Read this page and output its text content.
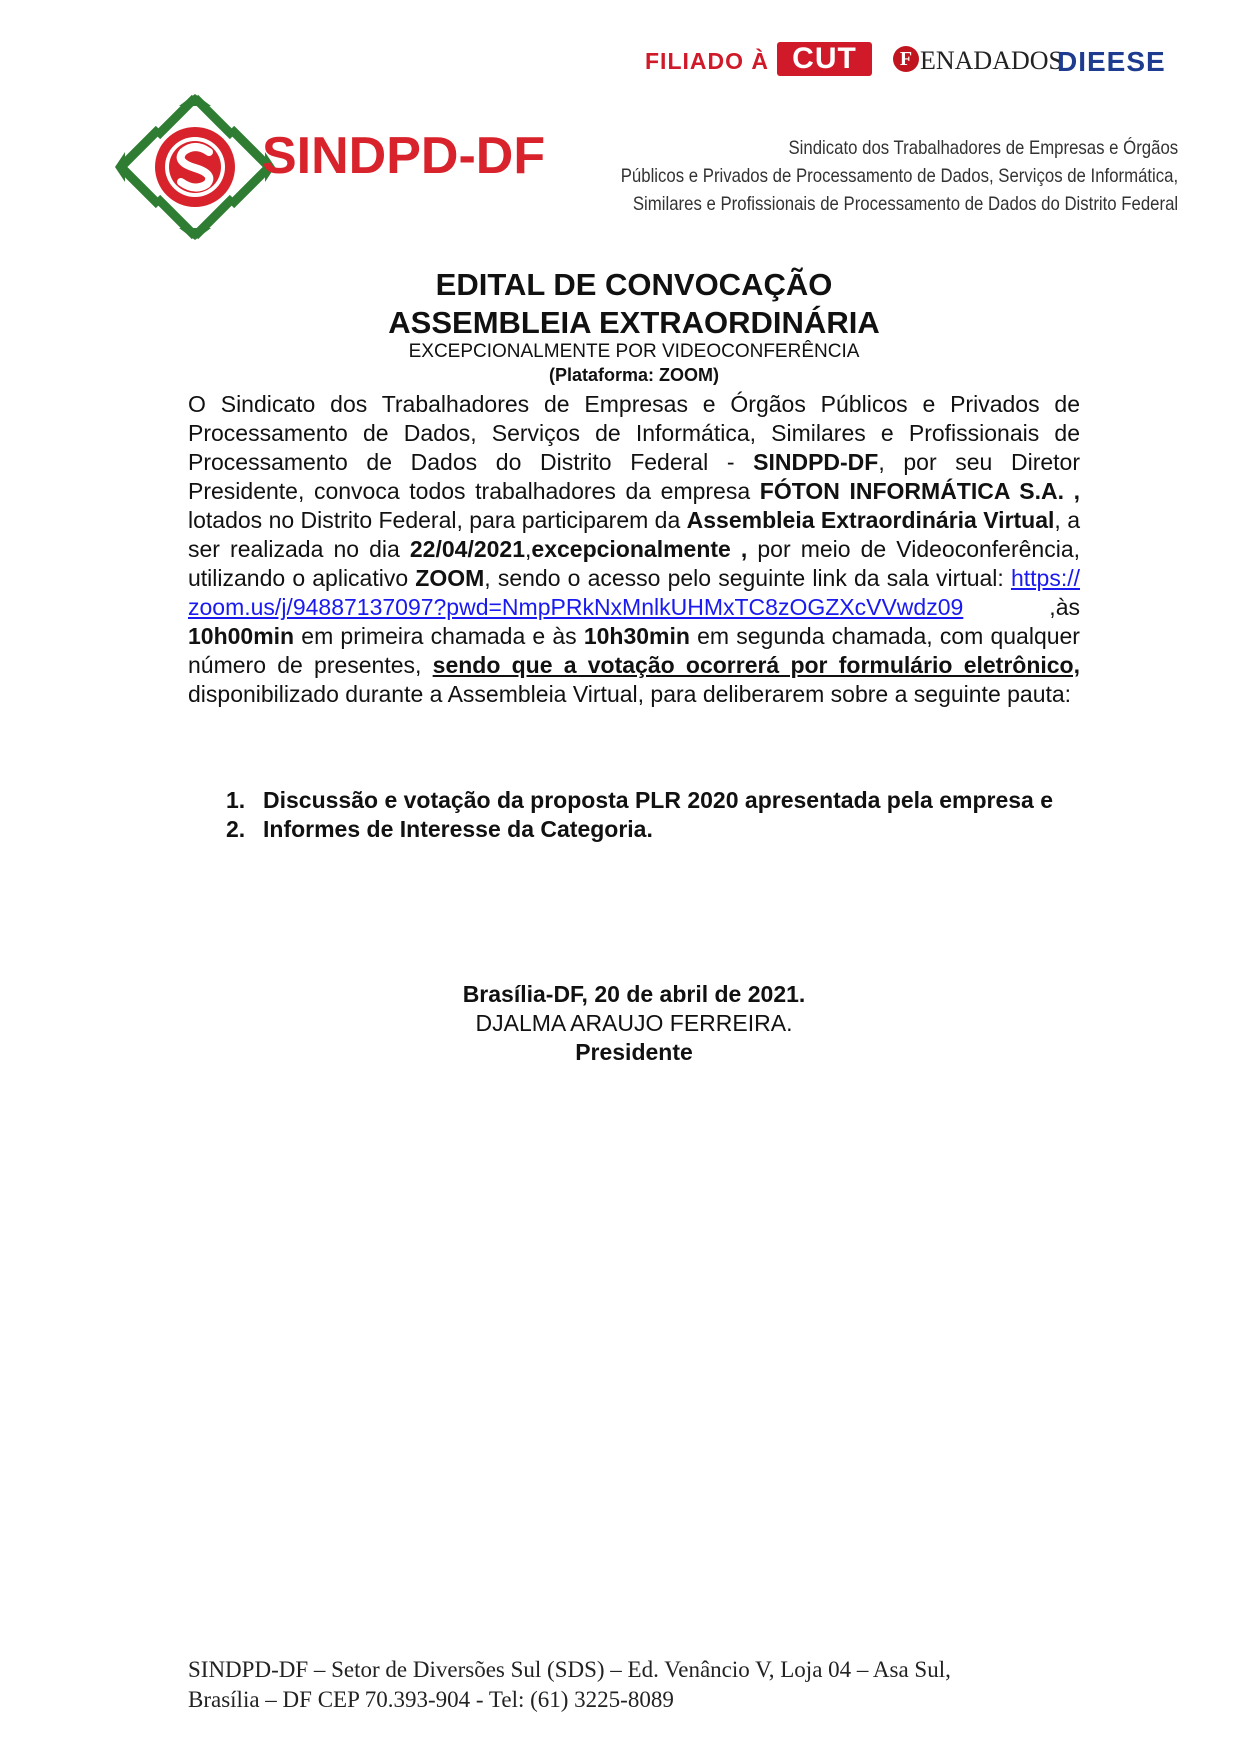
FILIADO À CUT	F ENADADOS
DIEESE
SINDPD-DF	Sindicato dos Trabalhadores de Empresas e Órgãos
Públicos e Privados de Processamento de Dados, Serviços de Informática,
Similares e Profissionais de Processamento de Dados do Distrito Federal
EDITAL DE CONVOCAÇÃO
ASSEMBLEIA EXTRAORDINÁRIA
EXCEPCIONALMENTE POR VIDEOCONFERÊNCIA
(Plataforma: ZOOM)
O Sindicato dos Trabalhadores de Empresas e Órgãos Públicos e Privados de Processamento de Dados, Serviços de Informática, Similares e Profissionais de Processamento de Dados do Distrito Federal - SINDPD-DF, por seu Diretor Presidente, convoca todos trabalhadores da empresa FÓTON INFORMÁTICA S.A. , lotados no Distrito Federal, para participarem da Assembleia Extraordinária Virtual, a ser realizada no dia 22/04/2021,excepcionalmente , por meio de Videoconferência, utilizando o aplicativo ZOOM, sendo o acesso pelo seguinte link da sala virtual: https://zoom.us/j/94887137097?pwd=NmpPRkNxMnlkUHMxTC8zOGZXcVVwdz09 ,às 10h00min em primeira chamada e às 10h30min em segunda chamada, com qualquer número de presentes, sendo que a votação ocorrerá por formulário eletrônico, disponibilizado durante a Assembleia Virtual, para deliberarem sobre a seguinte pauta:
1. Discussão e votação da proposta PLR 2020 apresentada pela empresa e
2. Informes de Interesse da Categoria.
Brasília-DF, 20 de abril de 2021.
DJALMA ARAUJO FERREIRA.
Presidente
SINDPD-DF – Setor de Diversões Sul (SDS) – Ed. Venâncio V, Loja 04 – Asa Sul,
Brasília – DF CEP 70.393-904 - Tel: (61) 3225-8089
